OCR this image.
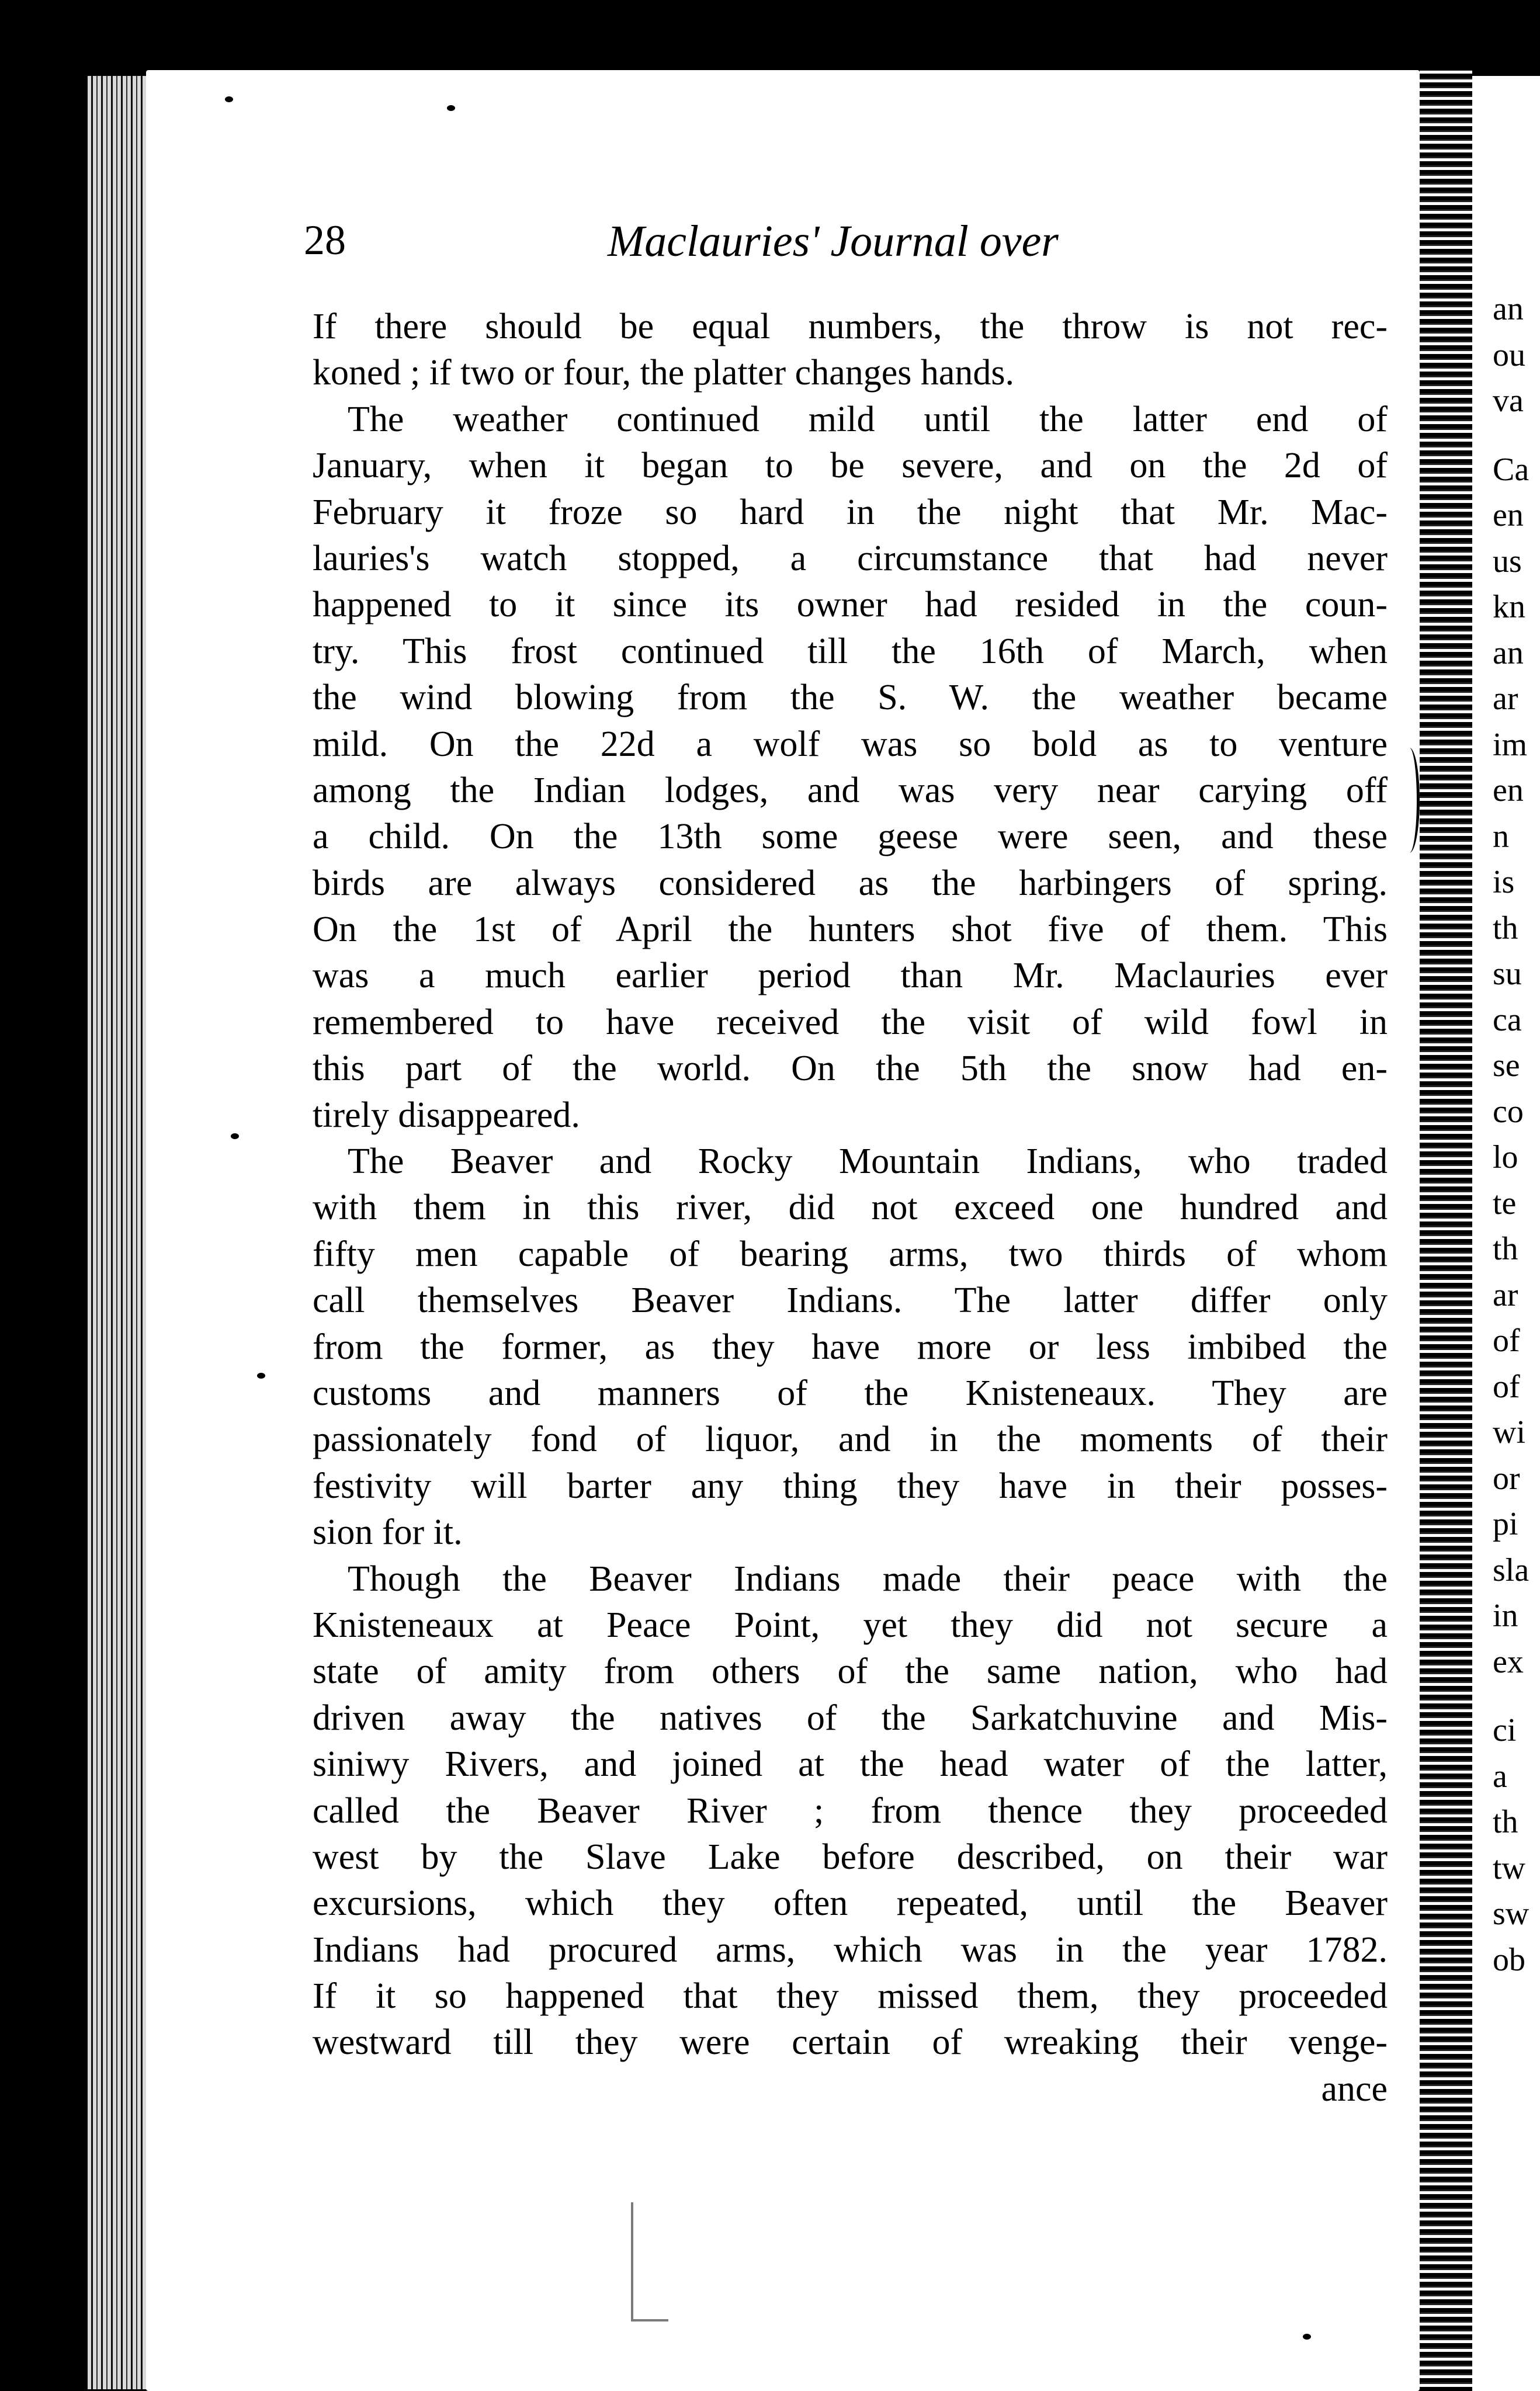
28	Maclauries' Journal over
If there should be equal numbers, the throw is not rec-
koned ; if two or four, the platter changes hands.
The weather continued mild until the latter end of
January, when it began to be severe, and on the 2d of
February it froze so hard in the night that Mr. Mac-
lauries's watch stopped, a circumstance that had never
happened to it since its owner had resided in the coun-
try. This frost continued till the 16th of March, when
the wind blowing from the S. W. the weather became
mild. On the 22d a wolf was so bold as to venture
among the Indian lodges, and was very near carying off
a child. On the 13th some geese were seen, and these
birds are always considered as the harbingers of spring.
On the 1st of April the hunters shot five of them. This
was a much earlier period than Mr. Maclauries ever
remembered to have received the visit of wild fowl in
this part of the world. On the 5th the snow had en-
tirely disappeared.
The Beaver and Rocky Mountain Indians, who traded
with them in this river, did not exceed one hundred and
fifty men capable of bearing arms, two thirds of whom
call themselves Beaver Indians. The latter differ only
from the former, as they have more or less imbibed the
customs and manners of the Knisteneaux. They are
passionately fond of liquor, and in the moments of their
festivity will barter any thing they have in their posses-
sion for it.
Though the Beaver Indians made their peace with the
Knisteneaux at Peace Point, yet they did not secure a
state of amity from others of the same nation, who had
driven away the natives of the Sarkatchuvine and Mis-
siniwy Rivers, and joined at the head water of the latter,
called the Beaver River ; from thence they proceeded
west by the Slave Lake before described, on their war
excursions, which they often repeated, until the Beaver
Indians had procured arms, which was in the year 1782.
If it so happened that they missed them, they proceeded
westward till they were certain of wreaking their venge-
ance
an
ou
va
Ca
en
us
kn
an
ar
im
en
n
is
th
su
ca
se
co
lo
te
th
ar
of
of
wi
or
pi
sla
in
ex
ci
a
th
tw
sw
ob
